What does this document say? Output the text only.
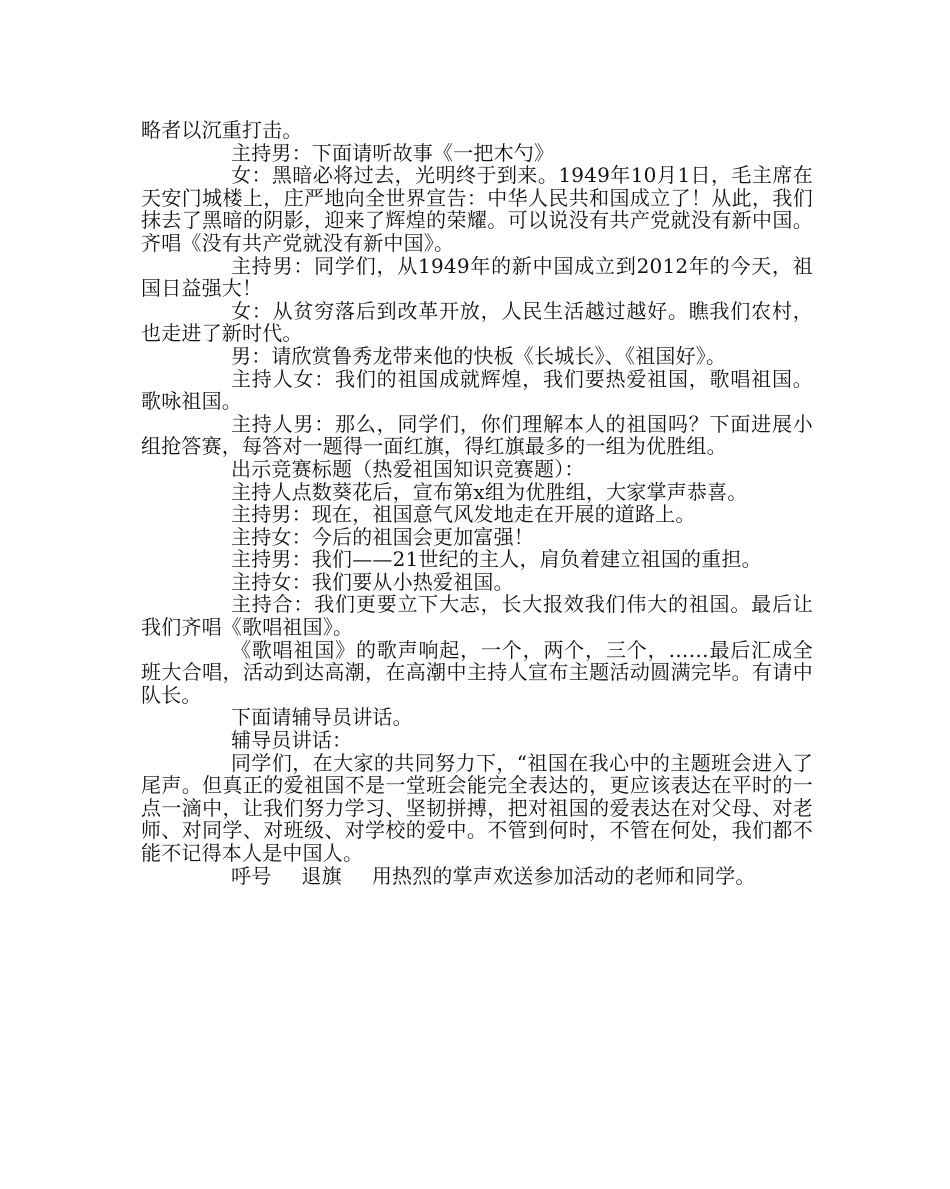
略者以沉重打击。

主持男：下面请听故事《一把木勺》

女：黑暗必将过去，光明终于到来。1949年10月1日，毛主席在天安门城楼上，庄严地向全世界宣告：中华人民共和国成立了！从此，我们抹去了黑暗的阴影，迎来了辉煌的荣耀。可以说没有共产党就没有新中国。齐唱《没有共产党就没有新中国》。

主持男：同学们，从1949年的新中国成立到2012年的今天，祖国日益强大！

女：从贫穷落后到改革开放，人民生活越过越好。瞧我们农村，也走进了新时代。

男：请欣赏鲁秀龙带来他的快板《长城长》、《祖国好》。

主持人女：我们的祖国成就辉煌，我们要热爱祖国，歌唱祖国。歌咏祖国。

主持人男：那么，同学们，你们理解本人的祖国吗？下面进展小组抢答赛，每答对一题得一面红旗，得红旗最多的一组为优胜组。

出示竞赛标题（热爱祖国知识竞赛题）：

主持人点数葵花后，宣布第x组为优胜组，大家掌声恭喜。

主持男：现在，祖国意气风发地走在开展的道路上。

主持女：今后的祖国会更加富强！

主持男：我们——21世纪的主人，肩负着建立祖国的重担。

主持女：我们要从小热爱祖国。

主持合：我们更要立下大志，长大报效我们伟大的祖国。最后让我们齐唱《歌唱祖国》。

《歌唱祖国》的歌声响起，一个，两个，三个，……最后汇成全班大合唱，活动到达高潮，在高潮中主持人宣布主题活动圆满完毕。有请中队长。

下面请辅导员讲话。

辅导员讲话：

同学们，在大家的共同努力下，“祖国在我心中的主题班会进入了尾声。但真正的爱祖国不是一堂班会能完全表达的，更应该表达在平时的一点一滴中，让我们努力学习、坚韧拼搏，把对祖国的爱表达在对父母、对老师、对同学、对班级、对学校的爱中。不管到何时，不管在何处，我们都不能不记得本人是中国人。

呼号 退旗 用热烈的掌声欢送参加活动的老师和同学。
